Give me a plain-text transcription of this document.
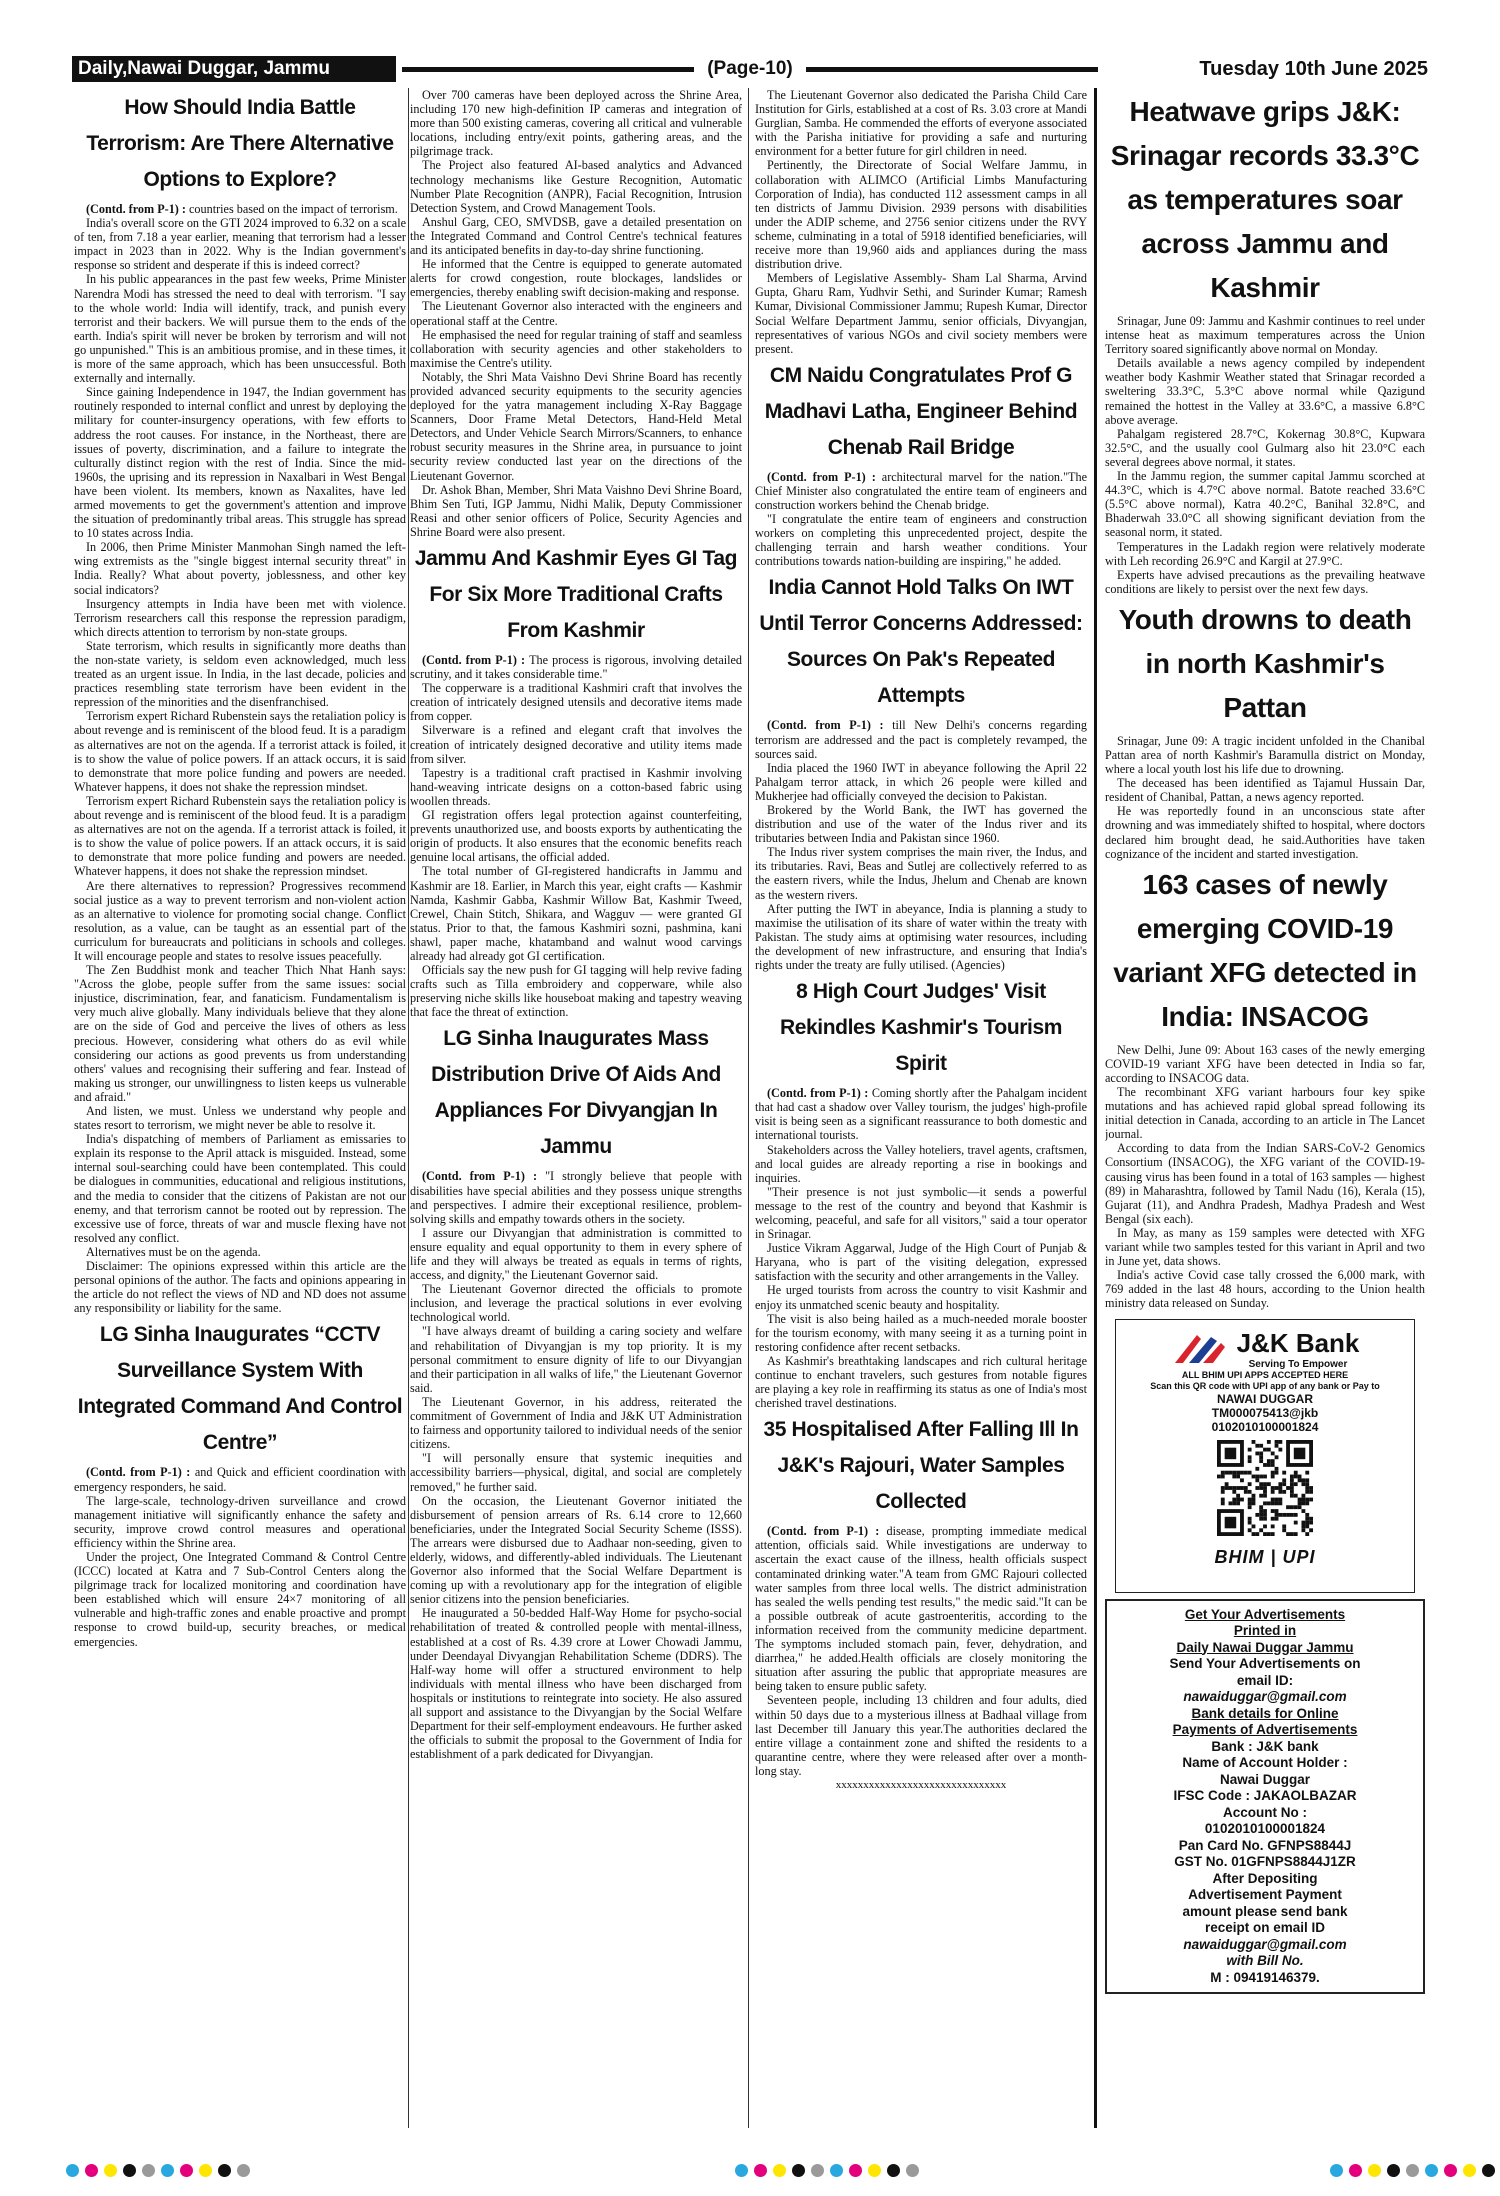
Daily,Nawai Duggar, Jammu	(Page-10)	Tuesday 10th June 2025
How Should India Battle Terrorism: Are There Alternative Options to Explore?

(Contd. from P-1) : countries based on the impact of terrorism.

India's overall score on the GTI 2024 improved to 6.32 on a scale of ten, from 7.18 a year earlier, meaning that terrorism had a lesser impact in 2023 than in 2022. Why is the Indian government's response so strident and desperate if this is indeed correct?

In his public appearances in the past few weeks, Prime Minister Narendra Modi has stressed the need to deal with terrorism. "I say to the whole world: India will identify, track, and punish every terrorist and their backers. We will pursue them to the ends of the earth. India's spirit will never be broken by terrorism and will not go unpunished." This is an ambitious promise, and in these times, it is more of the same approach, which has been unsuccessful. Both externally and internally.

Since gaining Independence in 1947, the Indian government has routinely responded to internal conflict and unrest by deploying the military for counter-insurgency operations, with few efforts to address the root causes. For instance, in the Northeast, there are issues of poverty, discrimination, and a failure to integrate the culturally distinct region with the rest of India. Since the mid-1960s, the uprising and its repression in Naxalbari in West Bengal have been violent. Its members, known as Naxalites, have led armed movements to get the government's attention and improve the situation of predominantly tribal areas. This struggle has spread to 10 states across India.

In 2006, then Prime Minister Manmohan Singh named the left-wing extremists as the "single biggest internal security threat" in India. Really? What about poverty, joblessness, and other key social indicators?

Insurgency attempts in India have been met with violence. Terrorism researchers call this response the repression paradigm, which directs attention to terrorism by non-state groups.

State terrorism, which results in significantly more deaths than the non-state variety, is seldom even acknowledged, much less treated as an urgent issue. In India, in the last decade, policies and practices resembling state terrorism have been evident in the repression of the minorities and the disenfranchised.

Terrorism expert Richard Rubenstein says the retaliation policy is about revenge and is reminiscent of the blood feud. It is a paradigm as alternatives are not on the agenda. If a terrorist attack is foiled, it is to show the value of police powers. If an attack occurs, it is said to demonstrate that more police funding and powers are needed. Whatever happens, it does not shake the repression mindset.

Terrorism expert Richard Rubenstein says the retaliation policy is about revenge and is reminiscent of the blood feud. It is a paradigm as alternatives are not on the agenda. If a terrorist attack is foiled, it is to show the value of police powers. If an attack occurs, it is said to demonstrate that more police funding and powers are needed. Whatever happens, it does not shake the repression mindset.

Are there alternatives to repression? Progressives recommend social justice as a way to prevent terrorism and non-violent action as an alternative to violence for promoting social change. Conflict resolution, as a value, can be taught as an essential part of the curriculum for bureaucrats and politicians in schools and colleges. It will encourage people and states to resolve issues peacefully.

The Zen Buddhist monk and teacher Thich Nhat Hanh says: "Across the globe, people suffer from the same issues: social injustice, discrimination, fear, and fanaticism. Fundamentalism is very much alive globally. Many individuals believe that they alone are on the side of God and perceive the lives of others as less precious. However, considering what others do as evil while considering our actions as good prevents us from understanding others' values and recognising their suffering and fear. Instead of making us stronger, our unwillingness to listen keeps us vulnerable and afraid."

And listen, we must. Unless we understand why people and states resort to terrorism, we might never be able to resolve it.

India's dispatching of members of Parliament as emissaries to explain its response to the April attack is misguided. Instead, some internal soul-searching could have been contemplated. This could be dialogues in communities, educational and religious institutions, and the media to consider that the citizens of Pakistan are not our enemy, and that terrorism cannot be rooted out by repression. The excessive use of force, threats of war and muscle flexing have not resolved any conflict.

Alternatives must be on the agenda.

Disclaimer: The opinions expressed within this article are the personal opinions of the author. The facts and opinions appearing in the article do not reflect the views of ND and ND does not assume any responsibility or liability for the same.

LG Sinha Inaugurates “CCTV Surveillance System With Integrated Command And Control Centre”

(Contd. from P-1) : and Quick and efficient coordination with emergency responders, he said.

The large-scale, technology-driven surveillance and crowd management initiative will significantly enhance the safety and security, improve crowd control measures and operational efficiency within the Shrine area.

Under the project, One Integrated Command & Control Centre (ICCC) located at Katra and 7 Sub-Control Centers along the pilgrimage track for localized monitoring and coordination have been established which will ensure 24×7 monitoring of all vulnerable and high-traffic zones and enable proactive and prompt response to crowd build-up, security breaches, or medical emergencies.

Over 700 cameras have been deployed across the Shrine Area, including 170 new high-definition IP cameras and integration of more than 500 existing cameras, covering all critical and vulnerable locations, including entry/exit points, gathering areas, and the pilgrimage track.

The Project also featured AI-based analytics and Advanced technology mechanisms like Gesture Recognition, Automatic Number Plate Recognition (ANPR), Facial Recognition, Intrusion Detection System, and Crowd Management Tools.

Anshul Garg, CEO, SMVDSB, gave a detailed presentation on the Integrated Command and Control Centre's technical features and its anticipated benefits in day-to-day shrine functioning.

He informed that the Centre is equipped to generate automated alerts for crowd congestion, route blockages, landslides or emergencies, thereby enabling swift decision-making and response.

The Lieutenant Governor also interacted with the engineers and operational staff at the Centre.

He emphasised the need for regular training of staff and seamless collaboration with security agencies and other stakeholders to maximise the Centre's utility.

Notably, the Shri Mata Vaishno Devi Shrine Board has recently provided advanced security equipments to the security agencies deployed for the yatra management including X-Ray Baggage Scanners, Door Frame Metal Detectors, Hand-Held Metal Detectors, and Under Vehicle Search Mirrors/Scanners, to enhance robust security measures in the Shrine area, in pursuance to joint security review conducted last year on the directions of the Lieutenant Governor.

Dr. Ashok Bhan, Member, Shri Mata Vaishno Devi Shrine Board, Bhim Sen Tuti, IGP Jammu, Nidhi Malik, Deputy Commissioner Reasi and other senior officers of Police, Security Agencies and Shrine Board were also present.

Jammu And Kashmir Eyes GI Tag For Six More Traditional Crafts From Kashmir

(Contd. from P-1) : The process is rigorous, involving detailed scrutiny, and it takes considerable time."

The copperware is a traditional Kashmiri craft that involves the creation of intricately designed utensils and decorative items made from copper.

Silverware is a refined and elegant craft that involves the creation of intricately designed decorative and utility items made from silver.

Tapestry is a traditional craft practised in Kashmir involving hand-weaving intricate designs on a cotton-based fabric using woollen threads.

GI registration offers legal protection against counterfeiting, prevents unauthorized use, and boosts exports by authenticating the origin of products. It also ensures that the economic benefits reach genuine local artisans, the official added.

The total number of GI-registered handicrafts in Jammu and Kashmir are 18. Earlier, in March this year, eight crafts — Kashmir Namda, Kashmir Gabba, Kashmir Willow Bat, Kashmir Tweed, Crewel, Chain Stitch, Shikara, and Wagguv — were granted GI status. Prior to that, the famous Kashmiri sozni, pashmina, kani shawl, paper mache, khatamband and walnut wood carvings already had already got GI certification.

Officials say the new push for GI tagging will help revive fading crafts such as Tilla embroidery and copperware, while also preserving niche skills like houseboat making and tapestry weaving that face the threat of extinction.

LG Sinha Inaugurates Mass Distribution Drive Of Aids And Appliances For Divyangjan In Jammu

(Contd. from P-1) : "I strongly believe that people with disabilities have special abilities and they possess unique strengths and perspectives. I admire their exceptional resilience, problem-solving skills and empathy towards others in the society.

I assure our Divyangjan that administration is committed to ensure equality and equal opportunity to them in every sphere of life and they will always be treated as equals in terms of rights, access, and dignity," the Lieutenant Governor said.

The Lieutenant Governor directed the officials to promote inclusion, and leverage the practical solutions in ever evolving technological world.

"I have always dreamt of building a caring society and welfare and rehabilitation of Divyangjan is my top priority. It is my personal commitment to ensure dignity of life to our Divyangjan and their participation in all walks of life," the Lieutenant Governor said.

The Lieutenant Governor, in his address, reiterated the commitment of Government of India and J&K UT Administration to fairness and opportunity tailored to individual needs of the senior citizens.

"I will personally ensure that systemic inequities and accessibility barriers—physical, digital, and social are completely removed," he further said.

On the occasion, the Lieutenant Governor initiated the disbursement of pension arrears of Rs. 6.14 crore to 12,660 beneficiaries, under the Integrated Social Security Scheme (ISSS). The arrears were disbursed due to Aadhaar non-seeding, given to elderly, widows, and differently-abled individuals. The Lieutenant Governor also informed that the Social Welfare Department is coming up with a revolutionary app for the integration of eligible senior citizens into the pension beneficiaries.

He inaugurated a 50-bedded Half-Way Home for psycho-social rehabilitation of treated & controlled people with mental-illness, established at a cost of Rs. 4.39 crore at Lower Chowadi Jammu, under Deendayal Divyangjan Rehabilitation Scheme (DDRS). The Half-way home will offer a structured environment to help individuals with mental illness who have been discharged from hospitals or institutions to reintegrate into society. He also assured all support and assistance to the Divyangjan by the Social Welfare Department for their self-employment endeavours. He further asked the officials to submit the proposal to the Government of India for establishment of a park dedicated for Divyangjan.

The Lieutenant Governor also dedicated the Parisha Child Care Institution for Girls, established at a cost of Rs. 3.03 crore at Mandi Gurglian, Samba. He commended the efforts of everyone associated with the Parisha initiative for providing a safe and nurturing environment for a better future for girl children in need.

Pertinently, the Directorate of Social Welfare Jammu, in collaboration with ALIMCO (Artificial Limbs Manufacturing Corporation of India), has conducted 112 assessment camps in all ten districts of Jammu Division. 2939 persons with disabilities under the ADIP scheme, and 2756 senior citizens under the RVY scheme, culminating in a total of 5918 identified beneficiaries, will receive more than 19,960 aids and appliances during the mass distribution drive.

Members of Legislative Assembly- Sham Lal Sharma, Arvind Gupta, Gharu Ram, Yudhvir Sethi, and Surinder Kumar; Ramesh Kumar, Divisional Commissioner Jammu; Rupesh Kumar, Director Social Welfare Department Jammu, senior officials, Divyangjan, representatives of various NGOs and civil society members were present.

CM Naidu Congratulates Prof G Madhavi Latha, Engineer Behind Chenab Rail Bridge

(Contd. from P-1) : architectural marvel for the nation."The Chief Minister also congratulated the entire team of engineers and construction workers behind the Chenab bridge.

"I congratulate the entire team of engineers and construction workers on completing this unprecedented project, despite the challenging terrain and harsh weather conditions. Your contributions towards nation-building are inspiring," he added.

India Cannot Hold Talks On IWT Until Terror Concerns Addressed: Sources On Pak's Repeated Attempts

(Contd. from P-1) : till New Delhi's concerns regarding terrorism are addressed and the pact is completely revamped, the sources said.

India placed the 1960 IWT in abeyance following the April 22 Pahalgam terror attack, in which 26 people were killed and Mukherjee had officially conveyed the decision to Pakistan.

Brokered by the World Bank, the IWT has governed the distribution and use of the water of the Indus river and its tributaries between India and Pakistan since 1960.

The Indus river system comprises the main river, the Indus, and its tributaries. Ravi, Beas and Sutlej are collectively referred to as the eastern rivers, while the Indus, Jhelum and Chenab are known as the western rivers.

After putting the IWT in abeyance, India is planning a study to maximise the utilisation of its share of water within the treaty with Pakistan. The study aims at optimising water resources, including the development of new infrastructure, and ensuring that India's rights under the treaty are fully utilised. (Agencies)

8 High Court Judges' Visit Rekindles Kashmir's Tourism Spirit

(Contd. from P-1) : Coming shortly after the Pahalgam incident that had cast a shadow over Valley tourism, the judges' high-profile visit is being seen as a significant reassurance to both domestic and international tourists.

Stakeholders across the Valley hoteliers, travel agents, craftsmen, and local guides are already reporting a rise in bookings and inquiries.

"Their presence is not just symbolic—it sends a powerful message to the rest of the country and beyond that Kashmir is welcoming, peaceful, and safe for all visitors," said a tour operator in Srinagar.

Justice Vikram Aggarwal, Judge of the High Court of Punjab & Haryana, who is part of the visiting delegation, expressed satisfaction with the security and other arrangements in the Valley.

He urged tourists from across the country to visit Kashmir and enjoy its unmatched scenic beauty and hospitality.

The visit is also being hailed as a much-needed morale booster for the tourism economy, with many seeing it as a turning point in restoring confidence after recent setbacks.

As Kashmir's breathtaking landscapes and rich cultural heritage continue to enchant travelers, such gestures from notable figures are playing a key role in reaffirming its status as one of India's most cherished travel destinations.

35 Hospitalised After Falling Ill In J&K's Rajouri, Water Samples Collected

(Contd. from P-1) : disease, prompting immediate medical attention, officials said. While investigations are underway to ascertain the exact cause of the illness, health officials suspect contaminated drinking water."A team from GMC Rajouri collected water samples from three local wells. The district administration has sealed the wells pending test results," the medic said."It can be a possible outbreak of acute gastroenteritis, according to the information received from the community medicine department. The symptoms included stomach pain, fever, dehydration, and diarrhea," he added.Health officials are closely monitoring the situation after assuring the public that appropriate measures are being taken to ensure public safety.

Seventeen people, including 13 children and four adults, died within 50 days due to a mysterious illness at Badhaal village from last December till January this year.The authorities declared the entire village a containment zone and shifted the residents to a quarantine centre, where they were released after over a month-long stay.

xxxxxxxxxxxxxxxxxxxxxxxxxxxxxxx

Heatwave grips J&K: Srinagar records 33.3°C as temperatures soar across Jammu and Kashmir

Srinagar, June 09: Jammu and Kashmir continues to reel under intense heat as maximum temperatures across the Union Territory soared significantly above normal on Monday.

Details available a news agency compiled by independent weather body Kashmir Weather stated that Srinagar recorded a sweltering 33.3°C, 5.3°C above normal while Qazigund remained the hottest in the Valley at 33.6°C, a massive 6.8°C above average.

Pahalgam registered 28.7°C, Kokernag 30.8°C, Kupwara 32.5°C, and the usually cool Gulmarg also hit 23.0°C each several degrees above normal, it states.

In the Jammu region, the summer capital Jammu scorched at 44.3°C, which is 4.7°C above normal. Batote reached 33.6°C (5.5°C above normal), Katra 40.2°C, Banihal 32.8°C, and Bhaderwah 33.0°C all showing significant deviation from the seasonal norm, it stated.

Temperatures in the Ladakh region were relatively moderate with Leh recording 26.9°C and Kargil at 27.9°C.

Experts have advised precautions as the prevailing heatwave conditions are likely to persist over the next few days.

Youth drowns to death in north Kashmir's Pattan

Srinagar, June 09: A tragic incident unfolded in the Chanibal Pattan area of north Kashmir's Baramulla district on Monday, where a local youth lost his life due to drowning.

The deceased has been identified as Tajamul Hussain Dar, resident of Chanibal, Pattan, a news agency reported.

He was reportedly found in an unconscious state after drowning and was immediately shifted to hospital, where doctors declared him brought dead, he said.Authorities have taken cognizance of the incident and started investigation.

163 cases of newly emerging COVID-19 variant XFG detected in India: INSACOG

New Delhi, June 09: About 163 cases of the newly emerging COVID-19 variant XFG have been detected in India so far, according to INSACOG data.

The recombinant XFG variant harbours four key spike mutations and has achieved rapid global spread following its initial detection in Canada, according to an article in The Lancet journal.

According to data from the Indian SARS-CoV-2 Genomics Consortium (INSACOG), the XFG variant of the COVID-19-causing virus has been found in a total of 163 samples — highest (89) in Maharashtra, followed by Tamil Nadu (16), Kerala (15), Gujarat (11), and Andhra Pradesh, Madhya Pradesh and West Bengal (six each).

In May, as many as 159 samples were detected with XFG variant while two samples tested for this variant in April and two in June yet, data shows.

India's active Covid case tally crossed the 6,000 mark, with 769 added in the last 48 hours, according to the Union health ministry data released on Sunday.

J&K Bank
Serving To Empower
ALL BHIM UPI APPS ACCEPTED HERE
Scan this QR code with UPI app of any bank or Pay to
NAWAI DUGGAR
TM000075413@jkb
0102010100001824
BHIM | UPI
Get Your Advertisements
Printed in
Daily Nawai Duggar Jammu
Send Your Advertisements on
email ID:
nawaiduggar@gmail.com
Bank details for Online
Payments of Advertisements
Bank : J&K bank
Name of Account Holder :
Nawai Duggar
IFSC Code : JAKAOLBAZAR
Account No :
0102010100001824
Pan Card No. GFNPS8844J
GST No. 01GFNPS8844J1ZR
After Depositing
Advertisement Payment
amount please send bank
receipt on email ID
nawaiduggar@gmail.com
with Bill No.
M : 09419146379.
